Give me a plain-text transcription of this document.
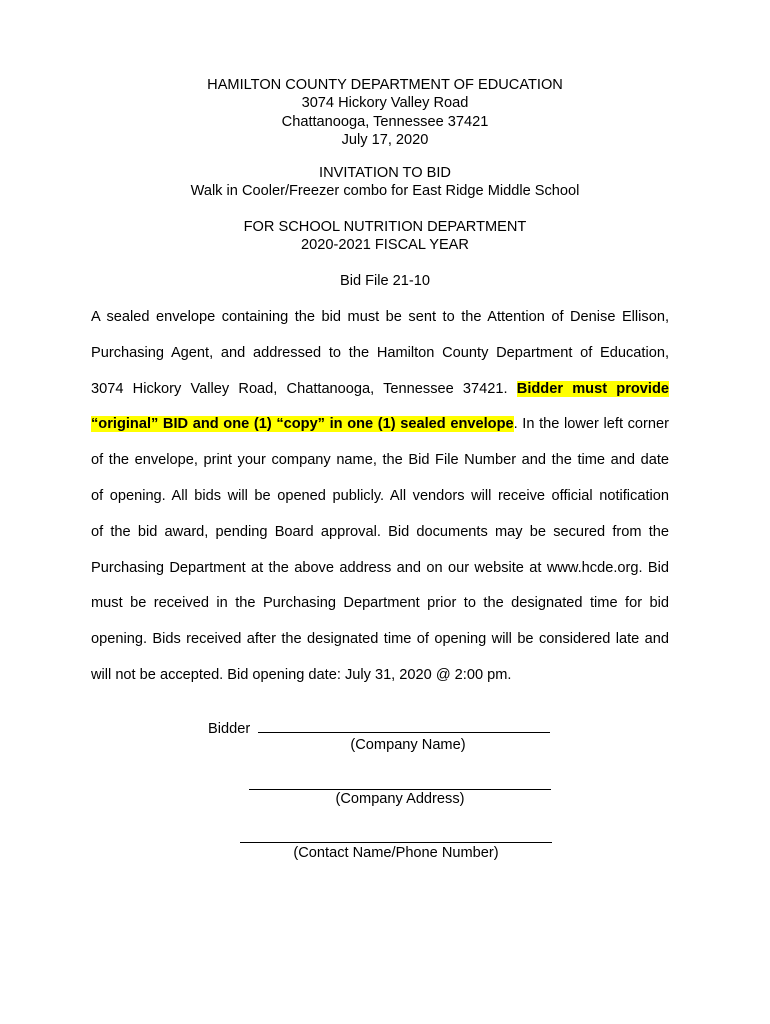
HAMILTON COUNTY DEPARTMENT OF EDUCATION
3074 Hickory Valley Road
Chattanooga, Tennessee 37421
July 17, 2020
INVITATION TO BID
Walk in Cooler/Freezer combo for East Ridge Middle School
FOR SCHOOL NUTRITION DEPARTMENT
2020-2021 FISCAL YEAR
Bid File 21-10
A sealed envelope containing the bid must be sent to the Attention of Denise Ellison,
Purchasing Agent, and addressed to the Hamilton County Department of Education,
3074 Hickory Valley Road, Chattanooga, Tennessee 37421. Bidder must provide
“original” BID and one (1) “copy” in one (1) sealed envelope. In the lower left corner
of the envelope, print your company name, the Bid File Number and the time and date
of opening. All bids will be opened publicly. All vendors will receive official notification
of the bid award, pending Board approval. Bid documents may be secured from the
Purchasing Department at the above address and on our website at www.hcde.org. Bid
must be received in the Purchasing Department prior to the designated time for bid
opening. Bids received after the designated time of opening will be considered late and
will not be accepted. Bid opening date: July 31, 2020 @ 2:00 pm.
Bidder
(Company Name)
(Company Address)
(Contact Name/Phone Number)
